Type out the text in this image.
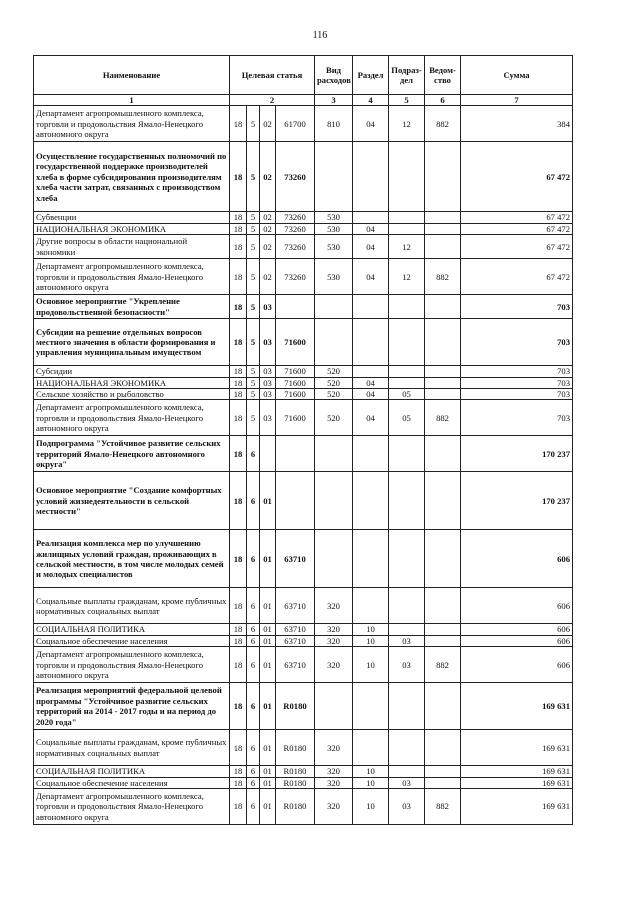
116
Наименование	Целевая статья				Вид расходов	Раздел	Подраз-дел	Ведом-ство	Сумма
1	2				3	4	5	6	7
Департамент агропромышленного комплекса, торговли и продовольствия Ямало-Ненецкого автономного округа	18	5	02	61700	810	04	12	882	384
Осуществление государственных полномочий по государственной поддержке производителей хлеба в форме субсидирования производителям хлеба части затрат, связанных с производством хлеба	18	5	02	73260					67 472
Субвенции	18	5	02	73260	530				67 472
НАЦИОНАЛЬНАЯ ЭКОНОМИКА	18	5	02	73260	530	04			67 472
Другие вопросы в области национальной экономики	18	5	02	73260	530	04	12		67 472
Департамент агропромышленного комплекса, торговли и продовольствия Ямало-Ненецкого автономного округа	18	5	02	73260	530	04	12	882	67 472
Основное мероприятие "Укрепление продовольственной безопасности"	18	5	03						703
Субсидии на решение отдельных вопросов местного значения в области формирования и управления муниципальным имуществом	18	5	03	71600					703
Субсидии	18	5	03	71600	520				703
НАЦИОНАЛЬНАЯ ЭКОНОМИКА	18	5	03	71600	520	04			703
Сельское хозяйство и рыболовство	18	5	03	71600	520	04	05		703
Департамент агропромышленного комплекса, торговли и продовольствия Ямало-Ненецкого автономного округа	18	5	03	71600	520	04	05	882	703
Подпрограмма "Устойчивое развитие сельских территорий Ямало-Ненецкого автономного округа"	18	6							170 237
Основное мероприятие "Создание комфортных условий жизнедеятельности в сельской местности"	18	6	01						170 237
Реализация комплекса мер по улучшению жилищных условий граждан, проживающих в сельской местности, в том числе молодых семей и молодых специалистов	18	6	01	63710					606
Социальные выплаты гражданам, кроме публичных нормативных социальных выплат	18	6	01	63710	320				606
СОЦИАЛЬНАЯ ПОЛИТИКА	18	6	01	63710	320	10			606
Социальное обеспечение населения	18	6	01	63710	320	10	03		606
Департамент агропромышленного комплекса, торговли и продовольствия Ямало-Ненецкого автономного округа	18	6	01	63710	320	10	03	882	606
Реализация мероприятий федеральной целевой программы "Устойчивое развитие сельских территорий на 2014 - 2017 годы и на период до 2020 года"	18	6	01	R0180					169 631
Социальные выплаты гражданам, кроме публичных нормативных социальных выплат	18	6	01	R0180	320				169 631
СОЦИАЛЬНАЯ ПОЛИТИКА	18	6	01	R0180	320	10			169 631
Социальное обеспечение населения	18	6	01	R0180	320	10	03		169 631
Департамент агропромышленного комплекса, торговли и продовольствия Ямало-Ненецкого автономного округа	18	6	01	R0180	320	10	03	882	169 631
